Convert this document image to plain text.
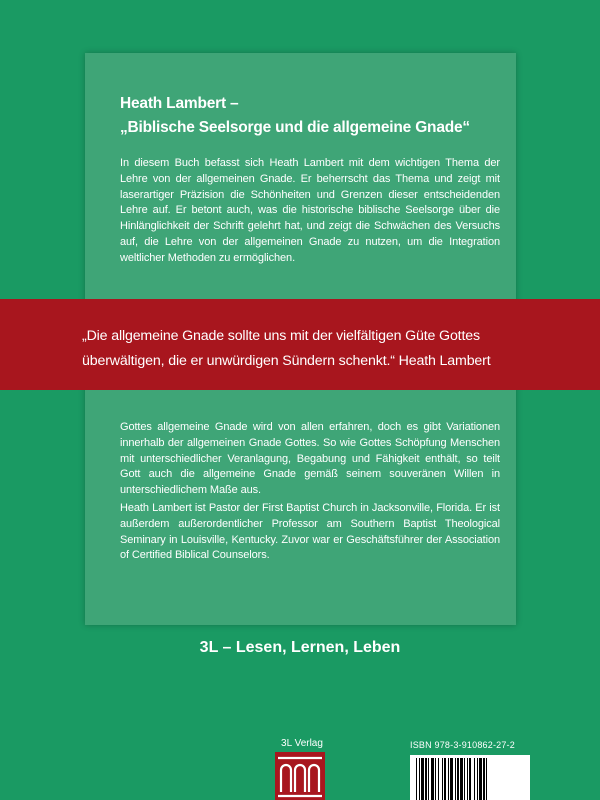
Heath Lambert –
„Biblische Seelsorge und die allgemeine Gnade“
In diesem Buch befasst sich Heath Lambert mit dem wichtigen Thema der Lehre von der allgemeinen Gnade. Er beherrscht das Thema und zeigt mit laserartiger Präzision die Schönheiten und Grenzen dieser entscheidenden Lehre auf. Er betont auch, was die historische biblische Seelsorge über die Hinlänglichkeit der Schrift gelehrt hat, und zeigt die Schwächen des Versuchs auf, die Lehre von der allgemeinen Gnade zu nutzen, um die Integration weltlicher Methoden zu ermöglichen.
„Die allgemeine Gnade sollte uns mit der vielfältigen Güte Gottes
überwältigen, die er unwürdigen Sündern schenkt.“ Heath Lambert
Gottes allgemeine Gnade wird von allen erfahren, doch es gibt Variationen innerhalb der allgemeinen Gnade Gottes. So wie Gottes Schöpfung Menschen mit unterschiedlicher Veranlagung, Begabung und Fähigkeit enthält, so teilt Gott auch die allgemeine Gnade gemäß seinem souveränen Willen in unterschiedlichem Maße aus.
Heath Lambert ist Pastor der First Baptist Church in Jacksonville, Florida. Er ist außerdem außerordentlicher Professor am Southern Baptist Theological Seminary in Louisville, Kentucky. Zuvor war er Geschäftsführer der Association of Certified Biblical Counselors.
3L – Lesen, Lernen, Leben
3L Verlag	ISBN 978-3-910862-27-2
